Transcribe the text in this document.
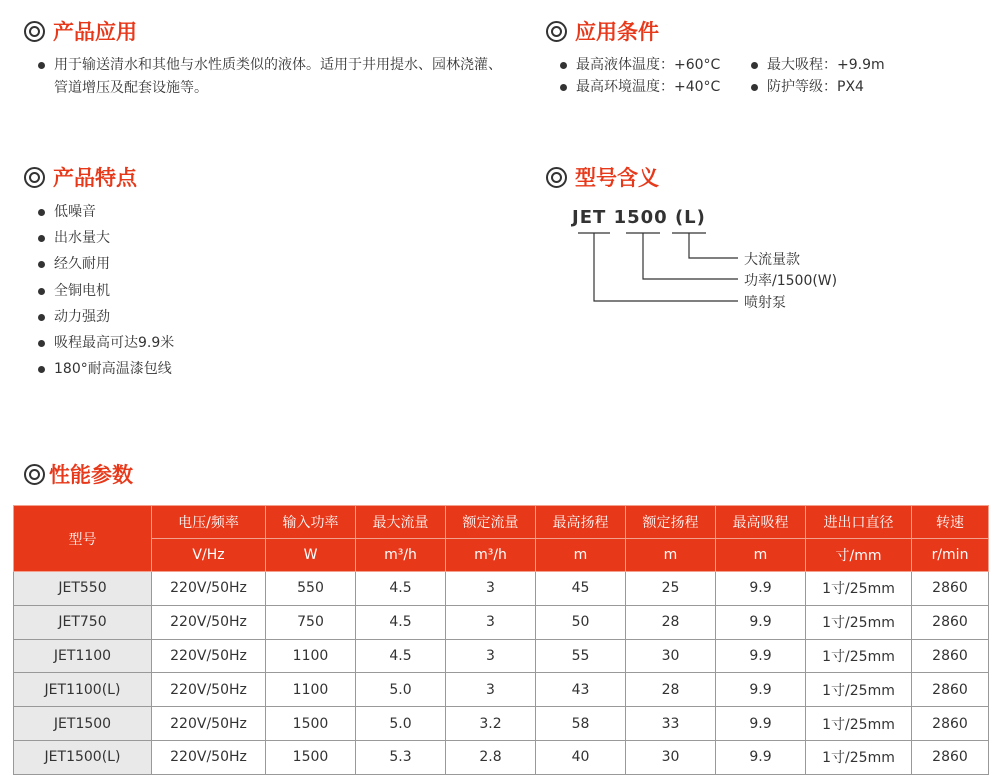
产品应用
用于输送清水和其他与水性质类似的液体。适用于井用提水、园林浇灌、管道增压及配套设施等。
应用条件
最高液体温度：+60°C	最大吸程：+9.9m
最高环境温度：+40°C	防护等级：PX4
产品特点
低噪音
出水量大
经久耐用
全铜电机
动力强劲
吸程最高可达9.9米
180°耐高温漆包线
型号含义
JET 1500 (L)
大流量款
功率/1500(W)
喷射泵
性能参数
型号	电压/频率	输入功率	最大流量	额定流量	最高扬程	额定扬程	最高吸程	进出口直径	转速
	V/Hz	W	m³/h	m³/h	m	m	m	寸/mm	r/min
JET550	220V/50Hz	550	4.5	3	45	25	9.9	1寸/25mm	2860
JET750	220V/50Hz	750	4.5	3	50	28	9.9	1寸/25mm	2860
JET1100	220V/50Hz	1100	4.5	3	55	30	9.9	1寸/25mm	2860
JET1100(L)	220V/50Hz	1100	5.0	3	43	28	9.9	1寸/25mm	2860
JET1500	220V/50Hz	1500	5.0	3.2	58	33	9.9	1寸/25mm	2860
JET1500(L)	220V/50Hz	1500	5.3	2.8	40	30	9.9	1寸/25mm	2860
